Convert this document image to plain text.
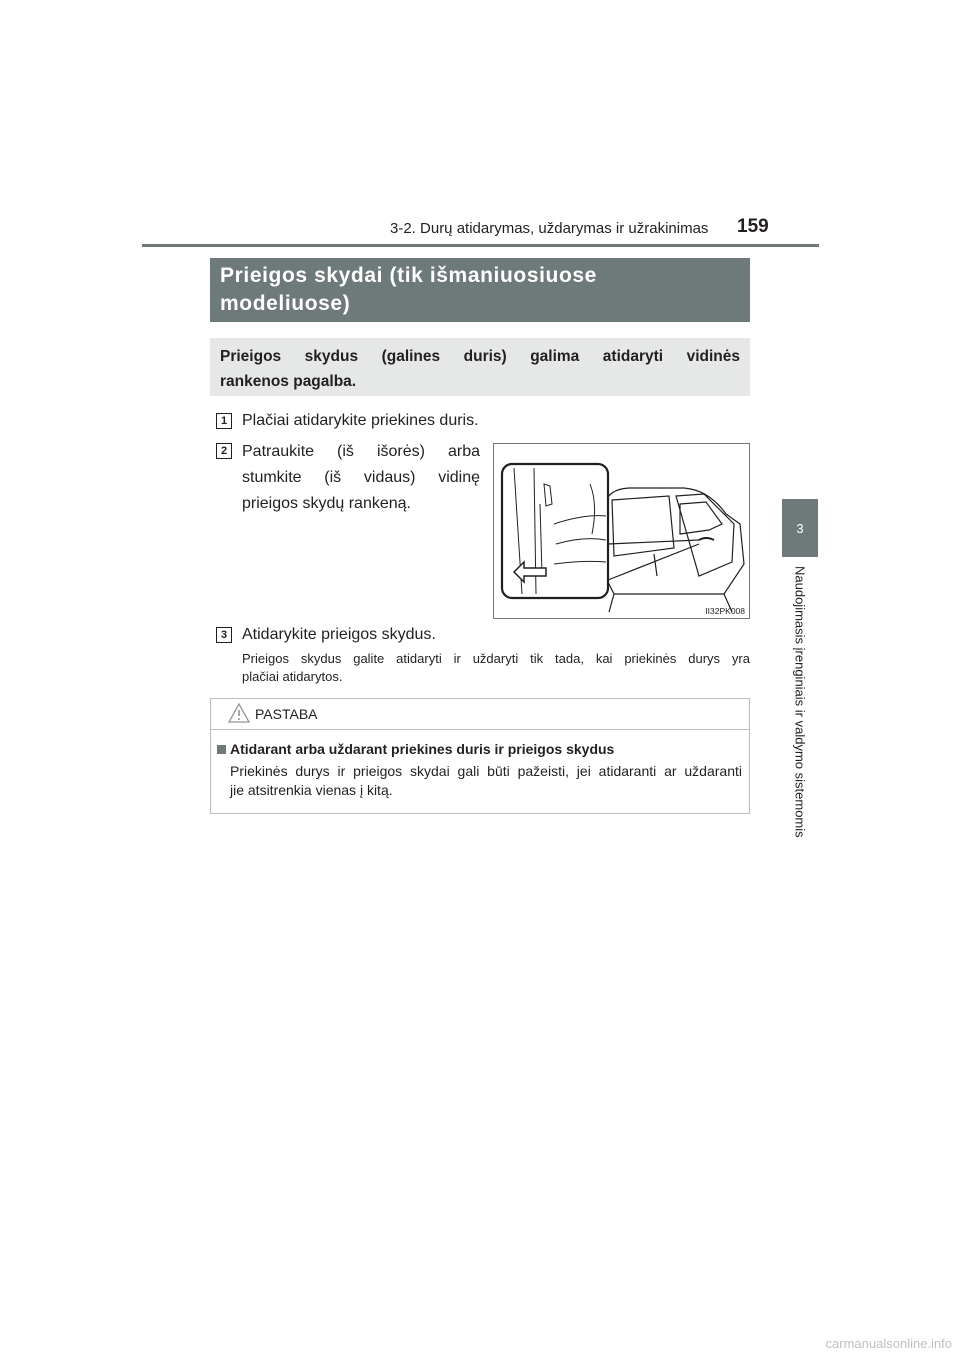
3-2. Durų atidarymas, uždarymas ir užrakinimas 159
3
Naudojimasis įrenginiais ir valdymo sistemomis
Prieigos skydai (tik išmaniuosiuose
modeliuose)
Prieigos skydus (galines duris) galima atidaryti vidinės
rankenos pagalba.
1 Plačiai atidarykite priekines duris.
2 Patraukite (iš išorės) arba
stumkite (iš vidaus) vidinę
prieigos skydų rankeną.
II32PK008
3 Atidarykite prieigos skydus.
Prieigos skydus galite atidaryti ir uždaryti tik tada, kai priekinės durys yra
plačiai atidarytos.
PASTABA
Atidarant arba uždarant priekines duris ir prieigos skydus
Priekinės durys ir prieigos skydai gali būti pažeisti, jei atidaranti ar uždaranti
jie atsitrenkia vienas į kitą.
carmanualsonline.info
